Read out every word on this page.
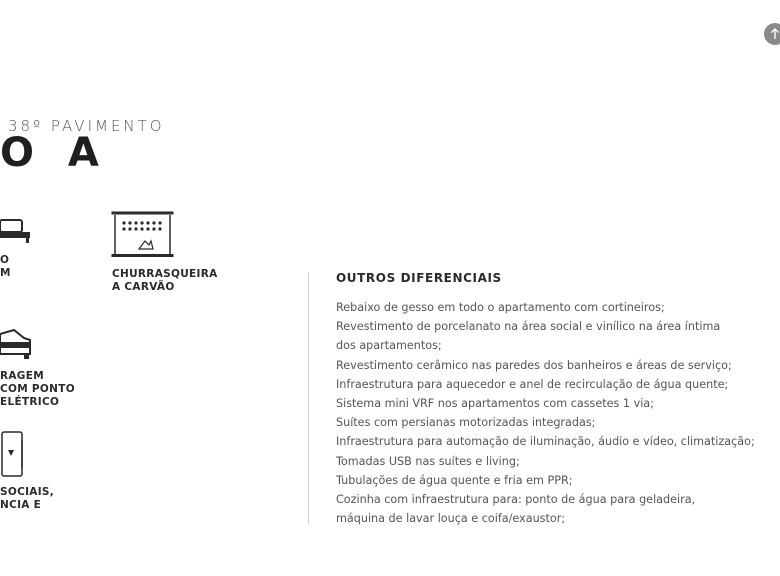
38º PAVIMENTO
O A
O
M	CHURRASQUEIRA
A CARVÃO
RAGEM
COM PONTO
ELÉTRICO
SOCIAIS,
NCIA E
OUTROS DIFERENCIAIS
Rebaixo de gesso em todo o apartamento com cortineiros;
Revestimento de porcelanato na área social e vinílico na área íntima
dos apartamentos;
Revestimento cerâmico nas paredes dos banheiros e áreas de serviço;
Infraestrutura para aquecedor e anel de recirculação de água quente;
Sistema mini VRF nos apartamentos com cassetes 1 via;
Suítes com persianas motorizadas integradas;
Infraestrutura para automação de iluminação, áudio e vídeo, climatização;
Tomadas USB nas suítes e living;
Tubulações de água quente e fria em PPR;
Cozinha com infraestrutura para: ponto de água para geladeira,
máquina de lavar louça e coifa/exaustor;
